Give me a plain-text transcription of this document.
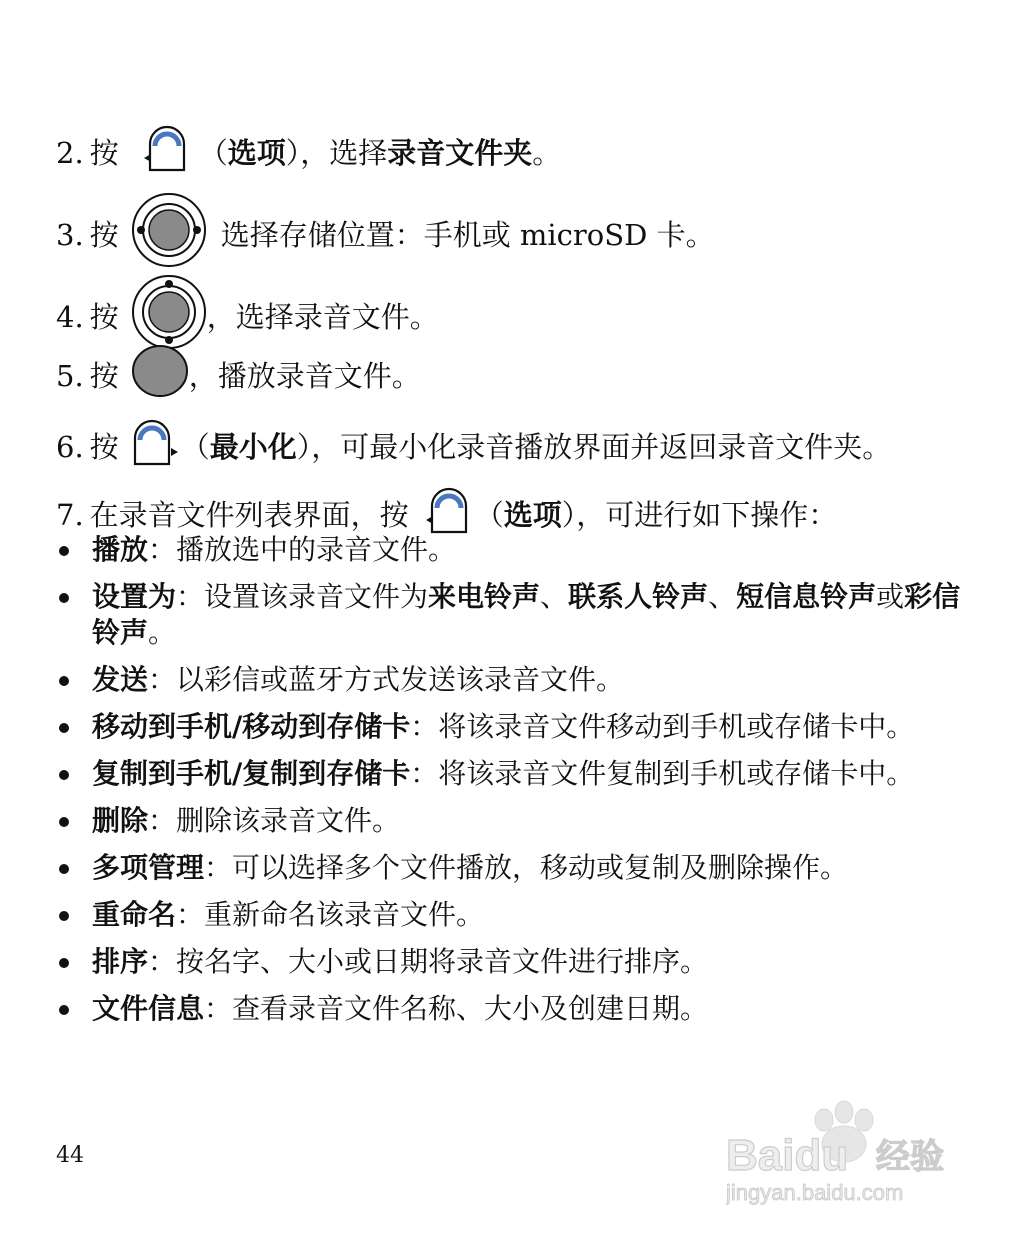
2. 按	（ 选项 ），选择 录音文件夹 。
3. 按	选择存储位置：手机或 microSD 卡。
4. 按	，选择录音文件。
5. 按 ，播放录音文件。
6. 按 （ 最小化 ），可最小化录音播放界面并返回录音文件夹。
7. 在录音文件列表界面，按 （ 选项 ），可进行如下操作：
播放：播放选中的录音文件。
设置为：设置该录音文件为来电铃声、联系人铃声、短信息铃声或彩信铃声。
发送：以彩信或蓝牙方式发送该录音文件。
移动到手机/移动到存储卡：将该录音文件移动到手机或存储卡中。
复制到手机/复制到存储卡：将该录音文件复制到手机或存储卡中。
删除：删除该录音文件。
多项管理：可以选择多个文件播放，移动或复制及删除操作。
重命名：重新命名该录音文件。
排序：按名字、大小或日期将录音文件进行排序。
文件信息：查看录音文件名称、大小及创建日期。
44	Baidu 经验
jingyan.baidu.com
